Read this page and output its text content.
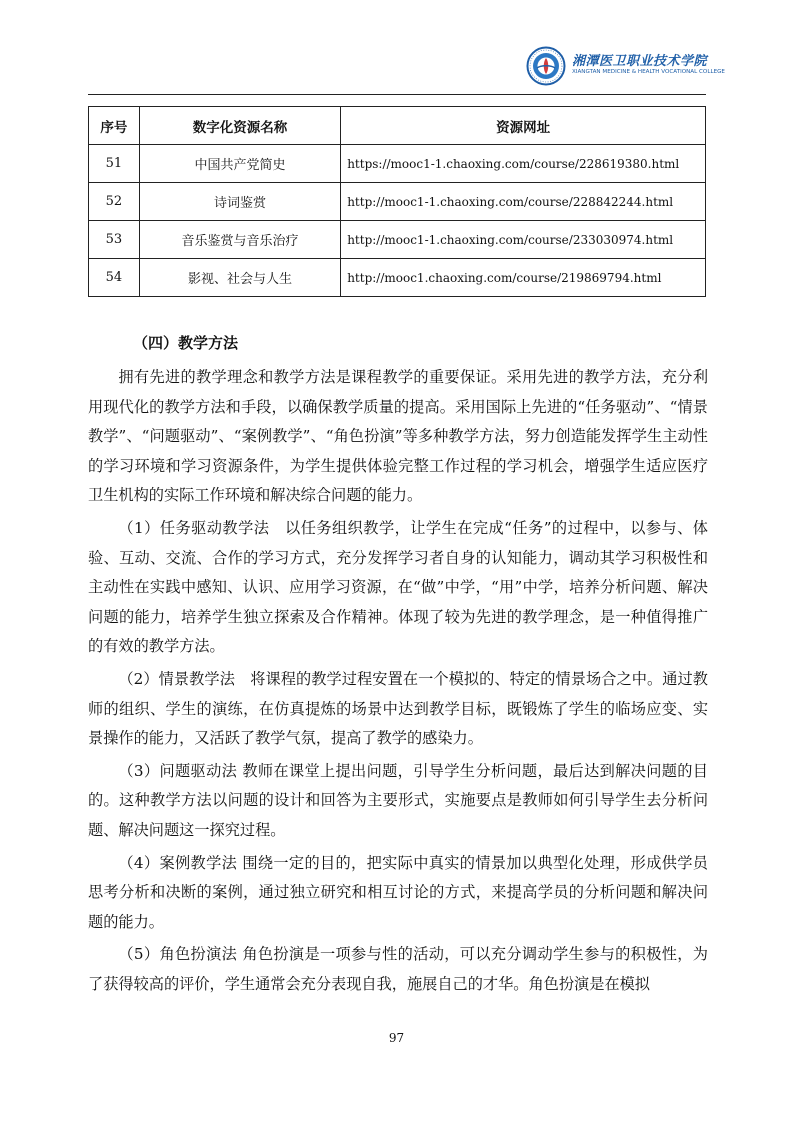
湘潭医卫职业技术学院
XIANGTAN MEDICINE & HEALTH VOCATIONAL COLLEGE
序号	数字化资源名称	资源网址
51	中国共产党简史	https://mooc1-1.chaoxing.com/course/228619380.html
52	诗词鉴赏	http://mooc1-1.chaoxing.com/course/228842244.html
53	音乐鉴赏与音乐治疗	http://mooc1-1.chaoxing.com/course/233030974.html
54	影视、社会与人生	http://mooc1.chaoxing.com/course/219869794.html
（四）教学方法

拥有先进的教学理念和教学方法是课程教学的重要保证。采用先进的教学方法，充分利用现代化的教学方法和手段，以确保教学质量的提高。采用国际上先进的“任务驱动”、“情景教学”、“问题驱动”、“案例教学”、“角色扮演”等多种教学方法，努力创造能发挥学生主动性的学习环境和学习资源条件，为学生提供体验完整工作过程的学习机会，增强学生适应医疗卫生机构的实际工作环境和解决综合问题的能力。

（1）任务驱动教学法　以任务组织教学，让学生在完成“任务”的过程中，以参与、体验、互动、交流、合作的学习方式，充分发挥学习者自身的认知能力，调动其学习积极性和主动性在实践中感知、认识、应用学习资源，在“做”中学，“用”中学，培养分析问题、解决问题的能力，培养学生独立探索及合作精神。体现了较为先进的教学理念，是一种值得推广的有效的教学方法。

（2）情景教学法　将课程的教学过程安置在一个模拟的、特定的情景场合之中。通过教师的组织、学生的演练，在仿真提炼的场景中达到教学目标，既锻炼了学生的临场应变、实景操作的能力，又活跃了教学气氛，提高了教学的感染力。

（3）问题驱动法 教师在课堂上提出问题，引导学生分析问题，最后达到解决问题的目的。这种教学方法以问题的设计和回答为主要形式，实施要点是教师如何引导学生去分析问题、解决问题这一探究过程。

（4）案例教学法 围绕一定的目的，把实际中真实的情景加以典型化处理，形成供学员思考分析和决断的案例，通过独立研究和相互讨论的方式，来提高学员的分析问题和解决问题的能力。

（5）角色扮演法 角色扮演是一项参与性的活动，可以充分调动学生参与的积极性，为了获得较高的评价，学生通常会充分表现自我，施展自己的才华。角色扮演是在模拟

97
